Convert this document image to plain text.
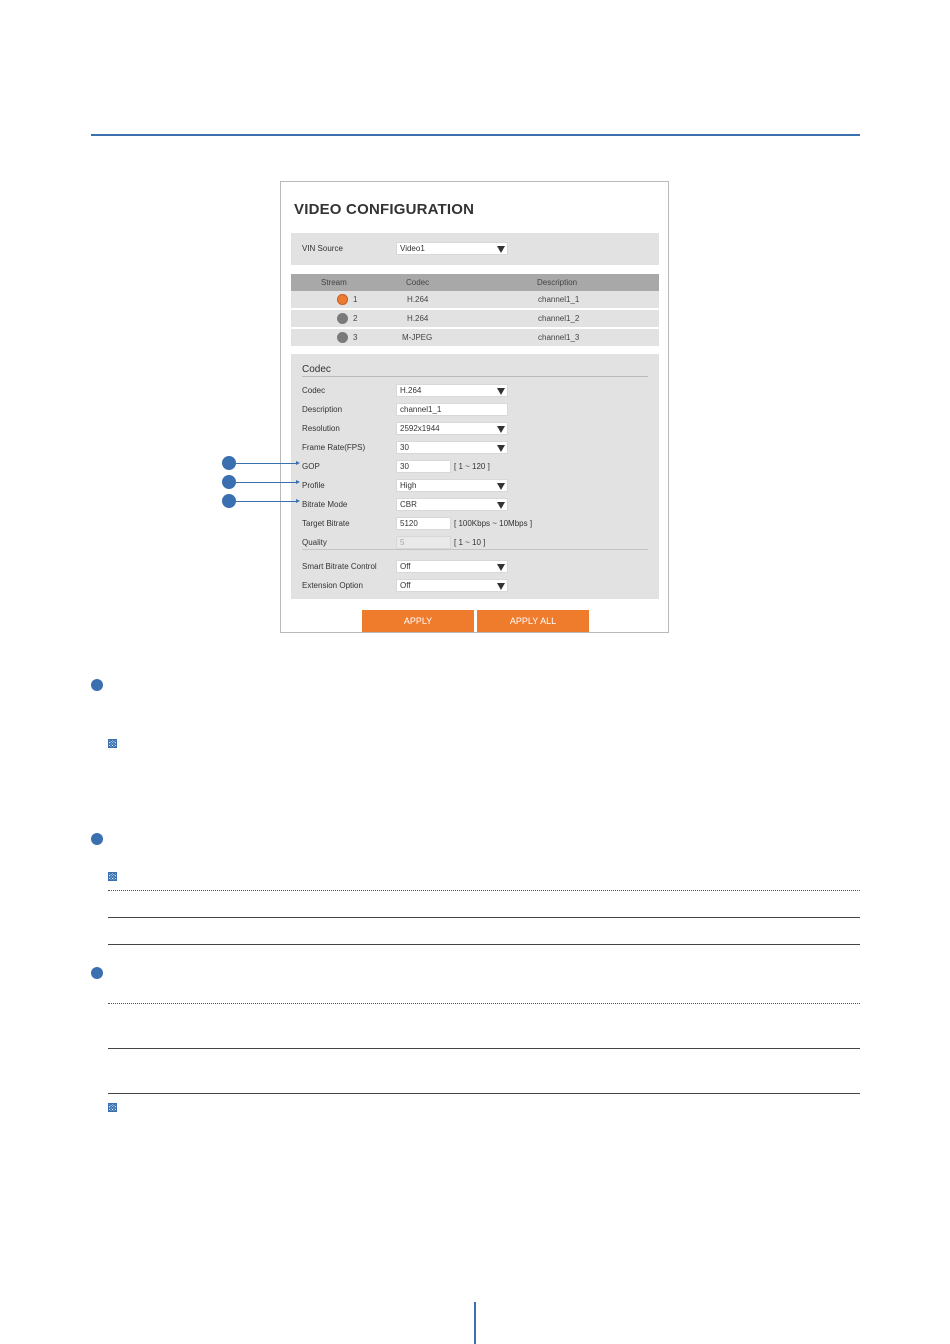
VIDEO CONFIGURATION
VIN Source	Video1
Stream	Codec	Description
1	H.264	channel1_1
2	H.264	channel1_2
3	M-JPEG	channel1_3
Codec
Codec	H.264
Description	channel1_1
Resolution	2592x1944
Frame Rate(FPS)	30
GOP	30	[ 1 ~ 120 ]
Profile	High
Bitrate Mode	CBR
Target Bitrate	5120	[ 100Kbps ~ 10Mbps ]
Quality	5	[ 1 ~ 10 ]
Smart Bitrate Control	Off
Extension Option	Off
APPLY	APPLY ALL
